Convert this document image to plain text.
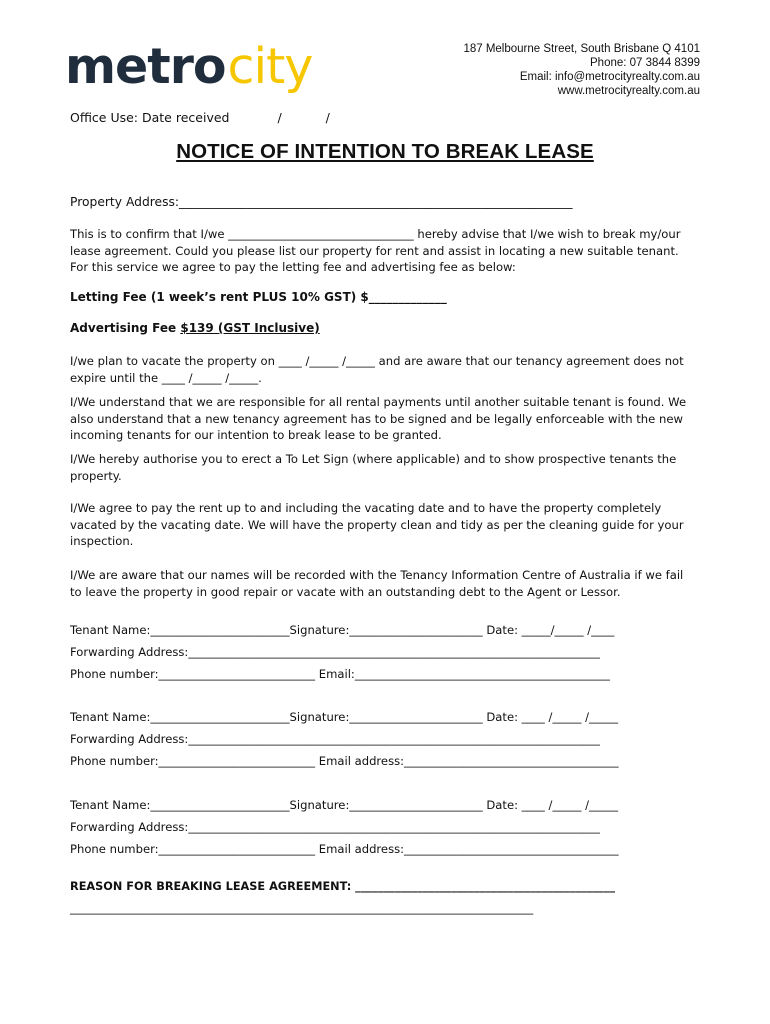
metrocity	187 Melbourne Street, South Brisbane Q 4101
Phone: 07 3844 8399
Email: info@metrocityrealty.com.au
www.metrocityrealty.com.au
Office Use: Date received	/	/
NOTICE OF INTENTION TO BREAK LEASE
Property Address:________________________________________________________________
This is to confirm that I/we ________________________________ hereby advise that I/we wish to break my/our lease agreement. Could you please list our property for rent and assist in locating a new suitable tenant. For this service we agree to pay the letting fee and advertising fee as below:
Letting Fee (1 week’s rent PLUS 10% GST) $_____________
Advertising Fee $139 (GST Inclusive)
I/we plan to vacate the property on ____ /_____ /_____ and are aware that our tenancy agreement does not expire until the ____ /_____ /_____.
I/We understand that we are responsible for all rental payments until another suitable tenant is found. We also understand that a new tenancy agreement has to be signed and be legally enforceable with the new incoming tenants for our intention to break lease to be granted.
I/We hereby authorise you to erect a To Let Sign (where applicable) and to show prospective tenants the property.
I/We agree to pay the rent up to and including the vacating date and to have the property completely vacated by the vacating date. We will have the property clean and tidy as per the cleaning guide for your inspection.
I/We are aware that our names will be recorded with the Tenancy Information Centre of Australia if we fail to leave the property in good repair or vacate with an outstanding debt to the Agent or Lessor.
Tenant Name:________________________Signature:_______________________ Date: _____/_____ /____
Forwarding Address:_______________________________________________________________________
Phone number:___________________________ Email:____________________________________________
Tenant Name:________________________Signature:_______________________ Date: ____ /_____ /_____
Forwarding Address:_______________________________________________________________________
Phone number:___________________________ Email address:_____________________________________
Tenant Name:________________________Signature:_______________________ Date: ____ /_____ /_____
Forwarding Address:_______________________________________________________________________
Phone number:___________________________ Email address:_____________________________________
REASON FOR BREAKING LEASE AGREEMENT: ______________________________________________
__________________________________________________________________________________
